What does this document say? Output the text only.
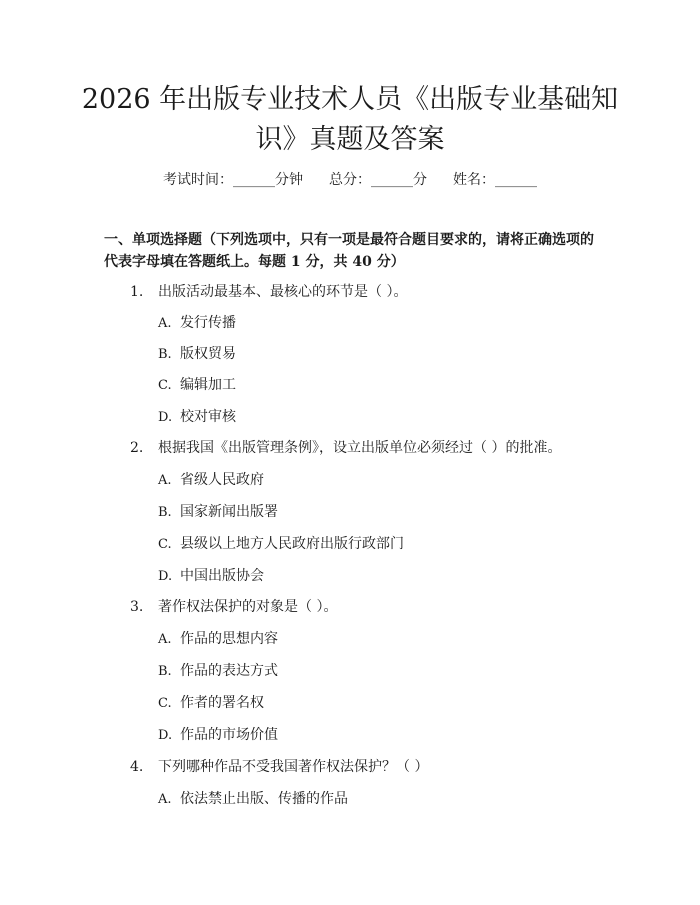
2026 年出版专业技术人员《出版专业基础知
识》真题及答案
考试时间：______分钟 总分：______分 姓名：______
一、单项选择题（下列选项中，只有一项是最符合题目要求的，请将正确选项的
代表字母填在答题纸上。每题 1 分，共 40 分）
1. 出版活动最基本、最核心的环节是（ ）。
A. 发行传播
B. 版权贸易
C. 编辑加工
D. 校对审核
2. 根据我国《出版管理条例》，设立出版单位必须经过（ ）的批准。
A. 省级人民政府
B. 国家新闻出版署
C. 县级以上地方人民政府出版行政部门
D. 中国出版协会
3. 著作权法保护的对象是（ ）。
A. 作品的思想内容
B. 作品的表达方式
C. 作者的署名权
D. 作品的市场价值
4. 下列哪种作品不受我国著作权法保护？（ ）
A. 依法禁止出版、传播的作品
